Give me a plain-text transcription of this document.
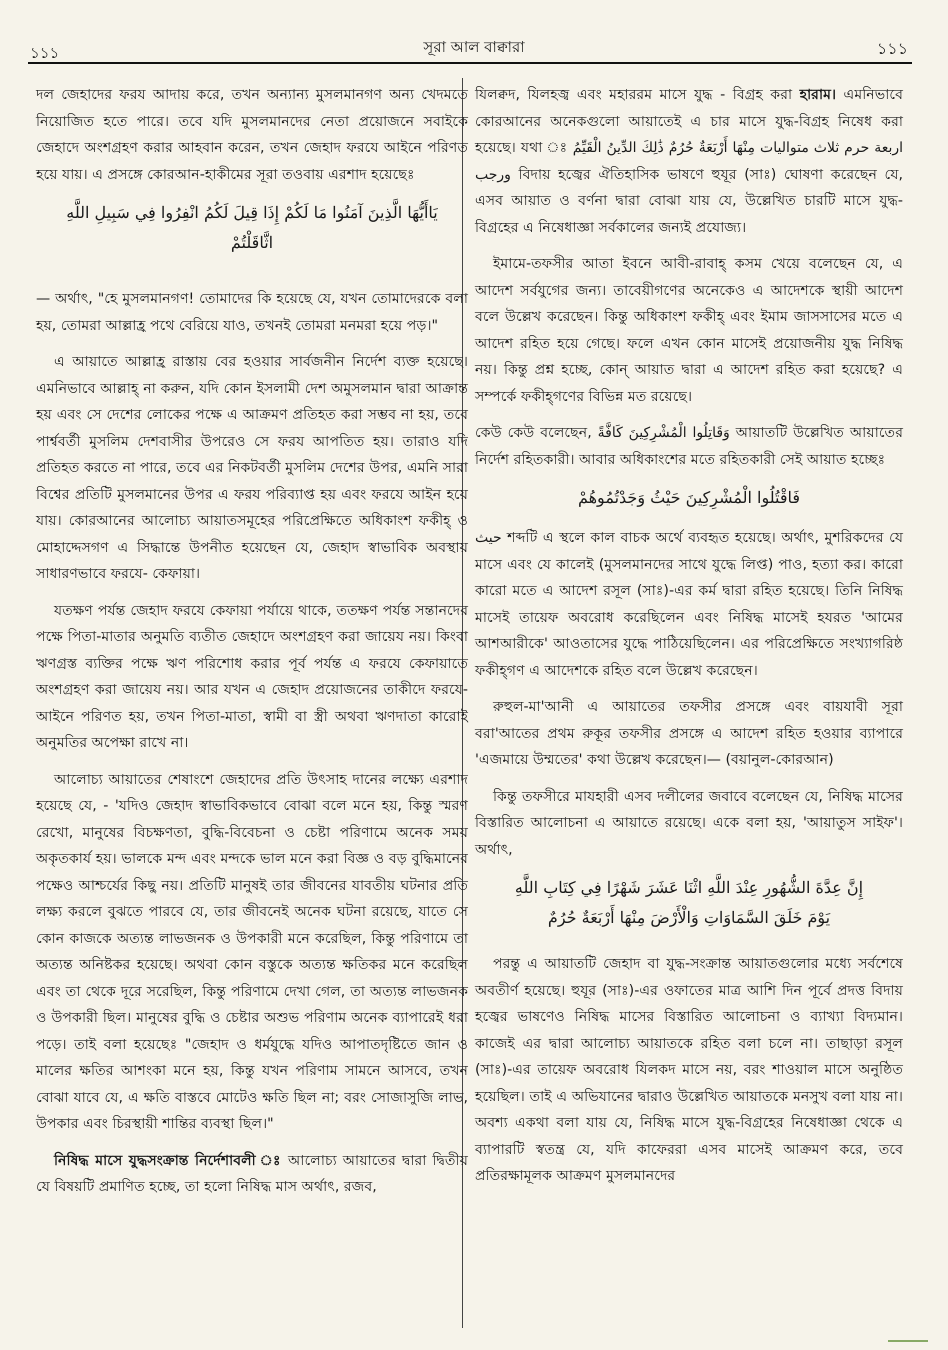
১১১	সূরা আল বাক্বারা	১১১

দল জেহাদের ফরয আদায় করে, তখন অন্যান্য মুসলমানগণ অন্য খেদমতে নিয়োজিত হতে পারে। তবে যদি মুসলমানদের নেতা প্রয়োজনে সবাইকে জেহাদে অংশগ্রহণ করার আহবান করেন, তখন জেহাদ ফরযে আইনে পরিণত হয়ে যায়। এ প্রসঙ্গে কোরআন-হাকীমের সূরা তওবায় এরশাদ হয়েছেঃ

يَاأَيُّهَا الَّذِينَ آمَنُوا مَا لَكُمْ إِذَا قِيلَ لَكُمُ انْفِرُوا فِي سَبِيلِ اللَّهِ
اثَّاقَلْتُمْ

— অর্থাৎ, "হে মুসলমানগণ! তোমাদের কি হয়েছে যে, যখন তোমাদেরকে বলা হয়, তোমরা আল্লাহ্র পথে বেরিয়ে যাও, তখনই তোমরা মনমরা হয়ে পড়।"

এ আয়াতে আল্লাহ্র রাস্তায় বের হওয়ার সার্বজনীন নির্দেশ ব্যক্ত হয়েছে। এমনিভাবে আল্লাহ্ না করুন, যদি কোন ইসলামী দেশ অমুসলমান দ্বারা আক্রান্ত হয় এবং সে দেশের লোকের পক্ষে এ আক্রমণ প্রতিহত করা সম্ভব না হয়, তবে পার্শ্ববর্তী মুসলিম দেশবাসীর উপরেও সে ফরয আপতিত হয়। তারাও যদি প্রতিহত করতে না পারে, তবে এর নিকটবর্তী মুসলিম দেশের উপর, এমনি সারা বিশ্বের প্রতিটি মুসলমানের উপর এ ফরয পরিব্যাপ্ত হয় এবং ফরযে আইন হয়ে যায়। কোরআনের আলোচ্য আয়াতসমূহের পরিপ্রেক্ষিতে অধিকাংশ ফকীহ্ ও মোহাদ্দেসগণ এ সিদ্ধান্তে উপনীত হয়েছেন যে, জেহাদ স্বাভাবিক অবস্থায় সাধারণভাবে ফরযে- কেফায়া।

যতক্ষণ পর্যন্ত জেহাদ ফরযে কেফায়া পর্যায়ে থাকে, ততক্ষণ পর্যন্ত সন্তানদের পক্ষে পিতা-মাতার অনুমতি ব্যতীত জেহাদে অংশগ্রহণ করা জায়েয নয়। কিংবা ঋণগ্রস্ত ব্যক্তির পক্ষে ঋণ পরিশোধ করার পূর্ব পর্যন্ত এ ফরযে কেফায়াতে অংশগ্রহণ করা জায়েয নয়। আর যখন এ জেহাদ প্রয়োজনের তাকীদে ফরযে-আইনে পরিণত হয়, তখন পিতা-মাতা, স্বামী বা স্ত্রী অথবা ঋণদাতা কারোই অনুমতির অপেক্ষা রাখে না।

আলোচ্য আয়াতের শেষাংশে জেহাদের প্রতি উৎসাহ দানের লক্ষ্যে এরশাদ হয়েছে যে, - 'যদিও জেহাদ স্বাভাবিকভাবে বোঝা বলে মনে হয়, কিন্তু স্মরণ রেখো, মানুষের বিচক্ষণতা, বুদ্ধি-বিবেচনা ও চেষ্টা পরিণামে অনেক সময় অকৃতকার্য হয়। ভালকে মন্দ এবং মন্দকে ভাল মনে করা বিজ্ঞ ও বড় বুদ্ধিমানের পক্ষেও আশ্চর্যের কিছু নয়। প্রতিটি মানুষই তার জীবনের যাবতীয় ঘটনার প্রতি লক্ষ্য করলে বুঝতে পারবে যে, তার জীবনেই অনেক ঘটনা রয়েছে, যাতে সে কোন কাজকে অত্যন্ত লাভজনক ও উপকারী মনে করেছিল, কিন্তু পরিণামে তা অত্যন্ত অনিষ্টকর হয়েছে। অথবা কোন বস্তুকে অত্যন্ত ক্ষতিকর মনে করেছিল এবং তা থেকে দূরে সরেছিল, কিন্তু পরিণামে দেখা গেল, তা অত্যন্ত লাভজনক ও উপকারী ছিল। মানুষের বুদ্ধি ও চেষ্টার অশুভ পরিণাম অনেক ব্যাপারেই ধরা পড়ে। তাই বলা হয়েছেঃ "জেহাদ ও ধর্মযুদ্ধে যদিও আপাতদৃষ্টিতে জান ও মালের ক্ষতির আশংকা মনে হয়, কিন্তু যখন পরিণাম সামনে আসবে, তখন বোঝা যাবে যে, এ ক্ষতি বাস্তবে মোটেও ক্ষতি ছিল না; বরং সোজাসুজি লাভ, উপকার এবং চিরস্থায়ী শান্তির ব্যবস্থা ছিল।"

নিষিদ্ধ মাসে যুদ্ধসংক্রান্ত নির্দেশাবলী ঃ আলোচ্য আয়াতের দ্বারা দ্বিতীয় যে বিষয়টি প্রমাণিত হচ্ছে, তা হলো নিষিদ্ধ মাস অর্থাৎ, রজব,

যিলক্বদ, যিলহজ্ব এবং মহাররম মাসে যুদ্ধ - বিগ্রহ করা হারাম। এমনিভাবে কোরআনের অনেকগুলো আয়াতেই এ চার মাসে যুদ্ধ-বিগ্রহ নিষেধ করা হয়েছে। যথা ঃ مِنْهَا أَرْبَعَةٌ حُرُمٌ ذَٰلِكَ الدِّينُ الْقَيِّمُ اربعة حرم ثلاث متواليات ورجب বিদায় হজ্বের ঐতিহাসিক ভাষণে হুযূর (সাঃ) ঘোষণা করেছেন যে, এসব আয়াত ও বর্ণনা দ্বারা বোঝা যায় যে, উল্লেখিত চারটি মাসে যুদ্ধ-বিগ্রহের এ নিষেধাজ্ঞা সর্বকালের জন্যই প্রযোজ্য।

ইমামে-তফসীর আতা ইবনে আবী-রাবাহ্ কসম খেয়ে বলেছেন যে, এ আদেশ সর্বযুগের জন্য। তাবেয়ীগণের অনেকেও এ আদেশকে স্থায়ী আদেশ বলে উল্লেখ করেছেন। কিন্তু অধিকাংশ ফকীহ্ এবং ইমাম জাসসাসের মতে এ আদেশ রহিত হয়ে গেছে। ফলে এখন কোন মাসেই প্রয়োজনীয় যুদ্ধ নিষিদ্ধ নয়। কিন্তু প্রশ্ন হচ্ছে, কোন্ আয়াত দ্বারা এ আদেশ রহিত করা হয়েছে? এ সম্পর্কে ফকীহ্গণের বিভিন্ন মত রয়েছে।

কেউ কেউ বলেছেন, وَقَاتِلُوا الْمُشْرِكِينَ كَافَّةً আয়াতটি উল্লেখিত আয়াতের নির্দেশ রহিতকারী। আবার অধিকাংশের মতে রহিতকারী সেই আয়াত হচ্ছেঃ

فَاقْتُلُوا الْمُشْرِكِينَ حَيْثُ وَجَدْتُمُوهُمْ

حيث শব্দটি এ স্থলে কাল বাচক অর্থে ব্যবহৃত হয়েছে। অর্থাৎ, মুশরিকদের যে মাসে এবং যে কালেই (মুসলমানদের সাথে যুদ্ধে লিপ্ত) পাও, হত্যা কর। কারো কারো মতে এ আদেশ রসূল (সাঃ)-এর কর্ম দ্বারা রহিত হয়েছে। তিনি নিষিদ্ধ মাসেই তায়েফ অবরোধ করেছিলেন এবং নিষিদ্ধ মাসেই হযরত 'আমের আশআরীকে' আওতাসের যুদ্ধে পাঠিয়েছিলেন। এর পরিপ্রেক্ষিতে সংখ্যাগরিষ্ঠ ফকীহ্গণ এ আদেশকে রহিত বলে উল্লেখ করেছেন।

রুহুল-মা'আনী এ আয়াতের তফসীর প্রসঙ্গে এবং বায়যাবী সূরা বরা'আতের প্রথম রুকূর তফসীর প্রসঙ্গে এ আদেশ রহিত হওয়ার ব্যাপারে 'এজমায়ে উম্মতের' কথা উল্লেখ করেছেন।— (বয়ানুল-কোরআন)

কিন্তু তফসীরে মাযহারী এসব দলীলের জবাবে বলেছেন যে, নিষিদ্ধ মাসের বিস্তারিত আলোচনা এ আয়াতে রয়েছে। একে বলা হয়, 'আয়াতুস সাইফ'। অর্থাৎ,

إِنَّ عِدَّةَ الشُّهُورِ عِنْدَ اللَّهِ اثْنَا عَشَرَ شَهْرًا فِي كِتَابِ اللَّهِ
يَوْمَ خَلَقَ السَّمَاوَاتِ وَالْأَرْضَ مِنْهَا أَرْبَعَةٌ حُرُمٌ

পরন্তু এ আয়াতটি জেহাদ বা যুদ্ধ-সংক্রান্ত আয়াতগুলোর মধ্যে সর্বশেষে অবতীর্ণ হয়েছে। হুযূর (সাঃ)-এর ওফাতের মাত্র আশি দিন পূর্বে প্রদত্ত বিদায় হজ্বের ভাষণেও নিষিদ্ধ মাসের বিস্তারিত আলোচনা ও ব্যাখ্যা বিদ্যমান। কাজেই এর দ্বারা আলোচ্য আয়াতকে রহিত বলা চলে না। তাছাড়া রসূল (সাঃ)-এর তায়েফ অবরোধ যিলকদ মাসে নয়, বরং শাওয়াল মাসে অনুষ্ঠিত হয়েছিল। তাই এ অভিযানের দ্বারাও উল্লেখিত আয়াতকে মনসুখ বলা যায় না। অবশ্য একথা বলা যায় যে, নিষিদ্ধ মাসে যুদ্ধ-বিগ্রহের নিষেধাজ্ঞা থেকে এ ব্যাপারটি স্বতন্ত্র যে, যদি কাফেররা এসব মাসেই আক্রমণ করে, তবে প্রতিরক্ষামূলক আক্রমণ মুসলমানদের
